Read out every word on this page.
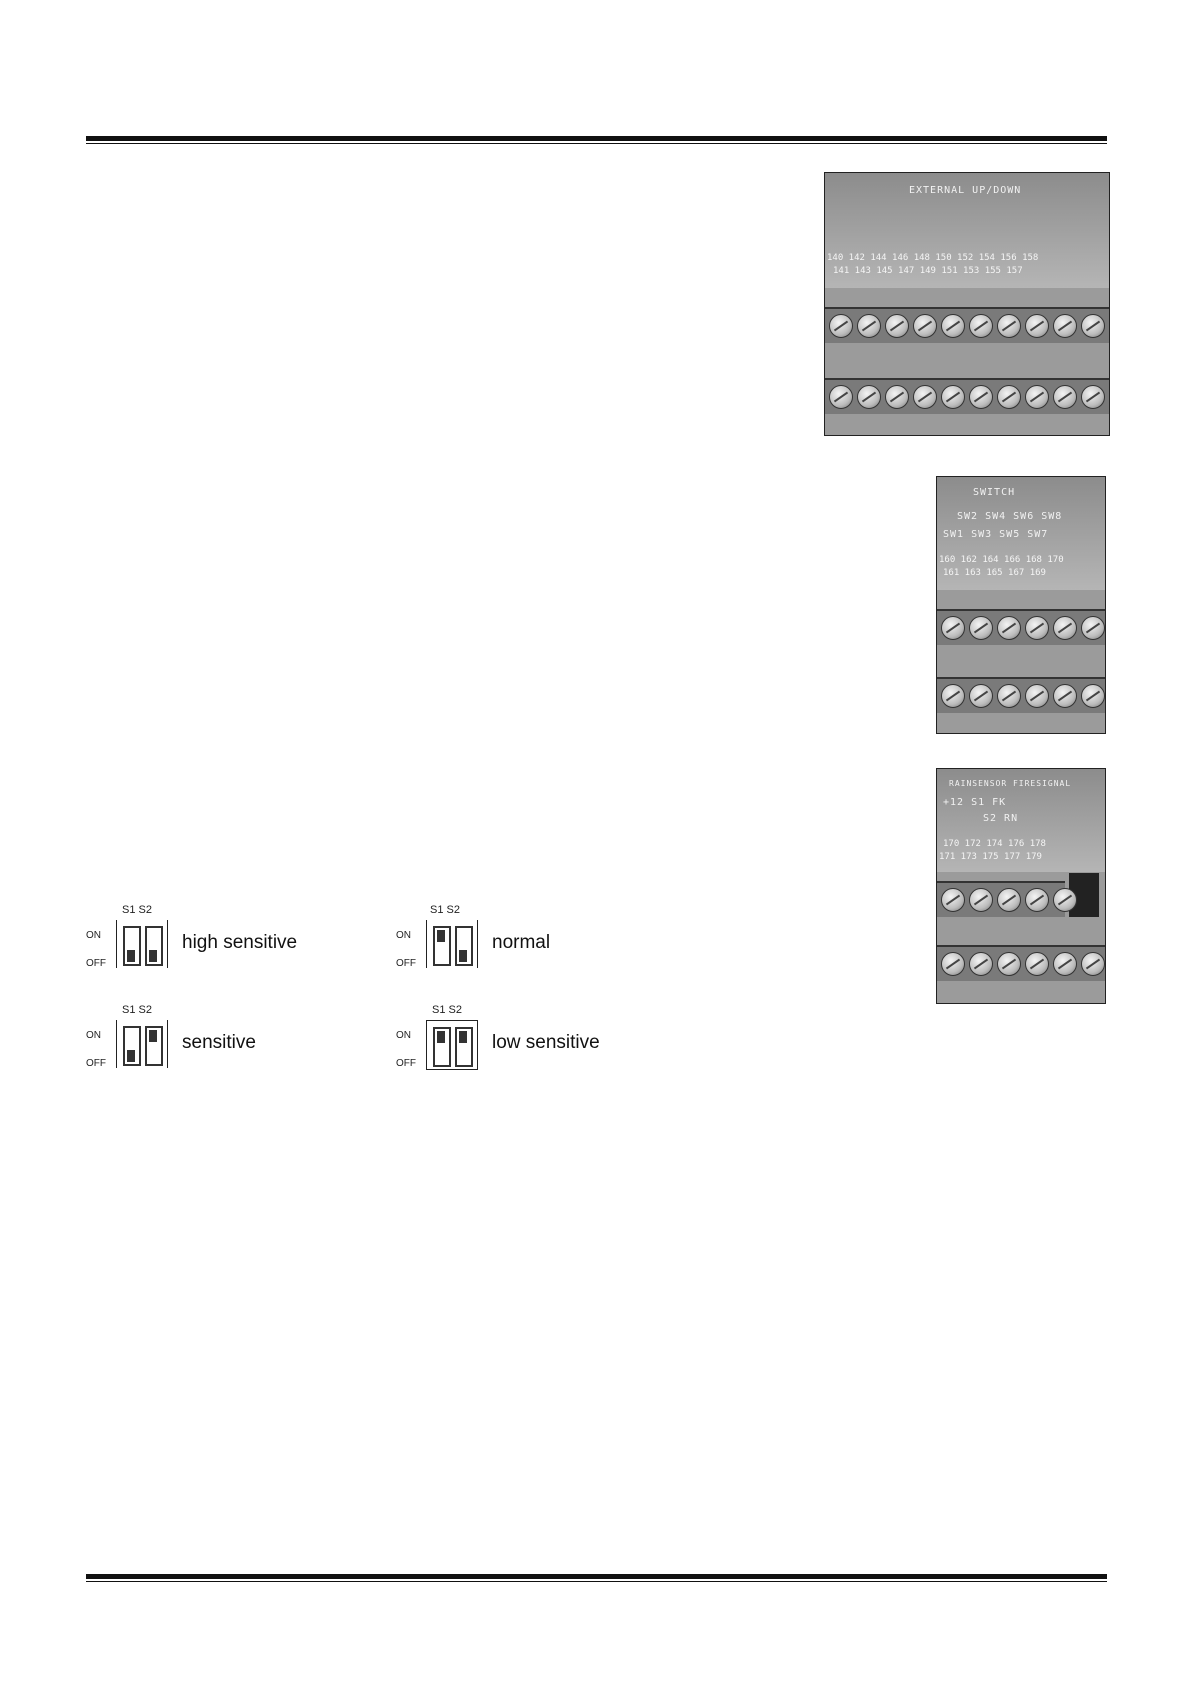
EXTERNAL UP/DOWN
140 142 144 146 148 150 152 154 156 158
141 143 145 147 149 151 153 155 157
SWITCH
SW2 SW4 SW6 SW8
SW1 SW3 SW5 SW7
160 162 164 166 168 170
161 163 165 167 169
RAINSENSOR FIRESIGNAL
+12 S1 FK
S2 RN
170 172 174 176 178
171 173 175 177 179
S1 S2
ON
OFF
high sensitive
S1 S2
ON
OFF
normal
S1 S2
ON
OFF
sensitive
S1 S2
ON
OFF
low sensitive
